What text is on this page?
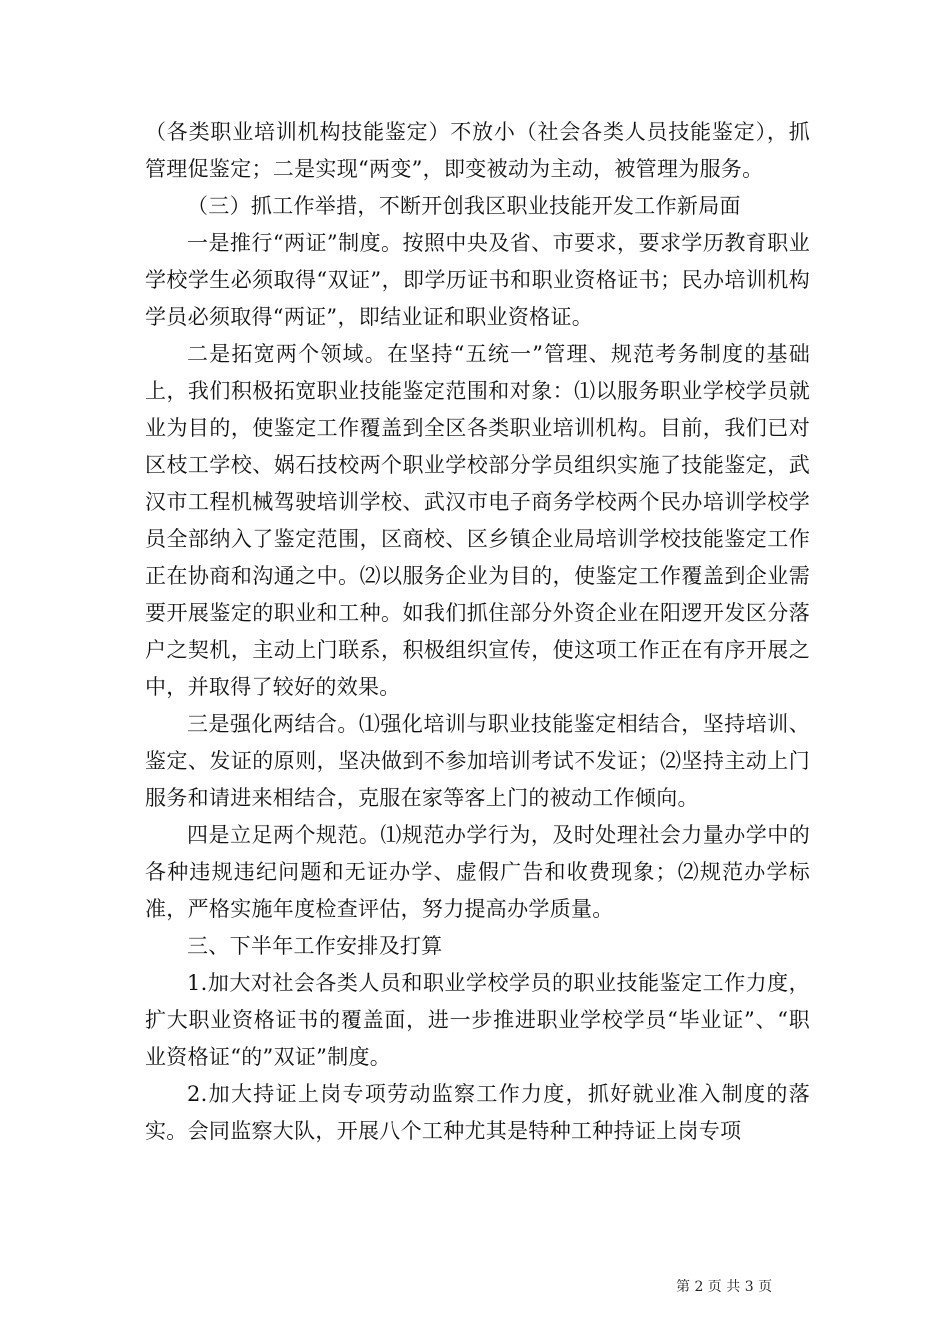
（各类职业培训机构技能鉴定）不放小（社会各类人员技能鉴定），抓管理促鉴定；二是实现“两变”，即变被动为主动，被管理为服务。

（三）抓工作举措，不断开创我区职业技能开发工作新局面

一是推行“两证”制度。按照中央及省、市要求，要求学历教育职业学校学生必须取得“双证”，即学历证书和职业资格证书；民办培训机构学员必须取得“两证”，即结业证和职业资格证。

二是拓宽两个领域。在坚持“五统一”管理、规范考务制度的基础上，我们积极拓宽职业技能鉴定范围和对象：⑴以服务职业学校学员就业为目的，使鉴定工作覆盖到全区各类职业培训机构。目前，我们已对区枝工学校、娲石技校两个职业学校部分学员组织实施了技能鉴定，武汉市工程机械驾驶培训学校、武汉市电子商务学校两个民办培训学校学员全部纳入了鉴定范围，区商校、区乡镇企业局培训学校技能鉴定工作正在协商和沟通之中。⑵以服务企业为目的，使鉴定工作覆盖到企业需要开展鉴定的职业和工种。如我们抓住部分外资企业在阳逻开发区分落户之契机，主动上门联系，积极组织宣传，使这项工作正在有序开展之中，并取得了较好的效果。

三是强化两结合。⑴强化培训与职业技能鉴定相结合，坚持培训、鉴定、发证的原则，坚决做到不参加培训考试不发证；⑵坚持主动上门服务和请进来相结合，克服在家等客上门的被动工作倾向。

四是立足两个规范。⑴规范办学行为，及时处理社会力量办学中的各种违规违纪问题和无证办学、虚假广告和收费现象；⑵规范办学标准，严格实施年度检查评估，努力提高办学质量。

三、下半年工作安排及打算

1.加大对社会各类人员和职业学校学员的职业技能鉴定工作力度，扩大职业资格证书的覆盖面，进一步推进职业学校学员“毕业证”、“职业资格证“的”双证”制度。

2.加大持证上岗专项劳动监察工作力度，抓好就业准入制度的落实。会同监察大队，开展八个工种尤其是特种工种持证上岗专项

第 2 页 共 3 页
